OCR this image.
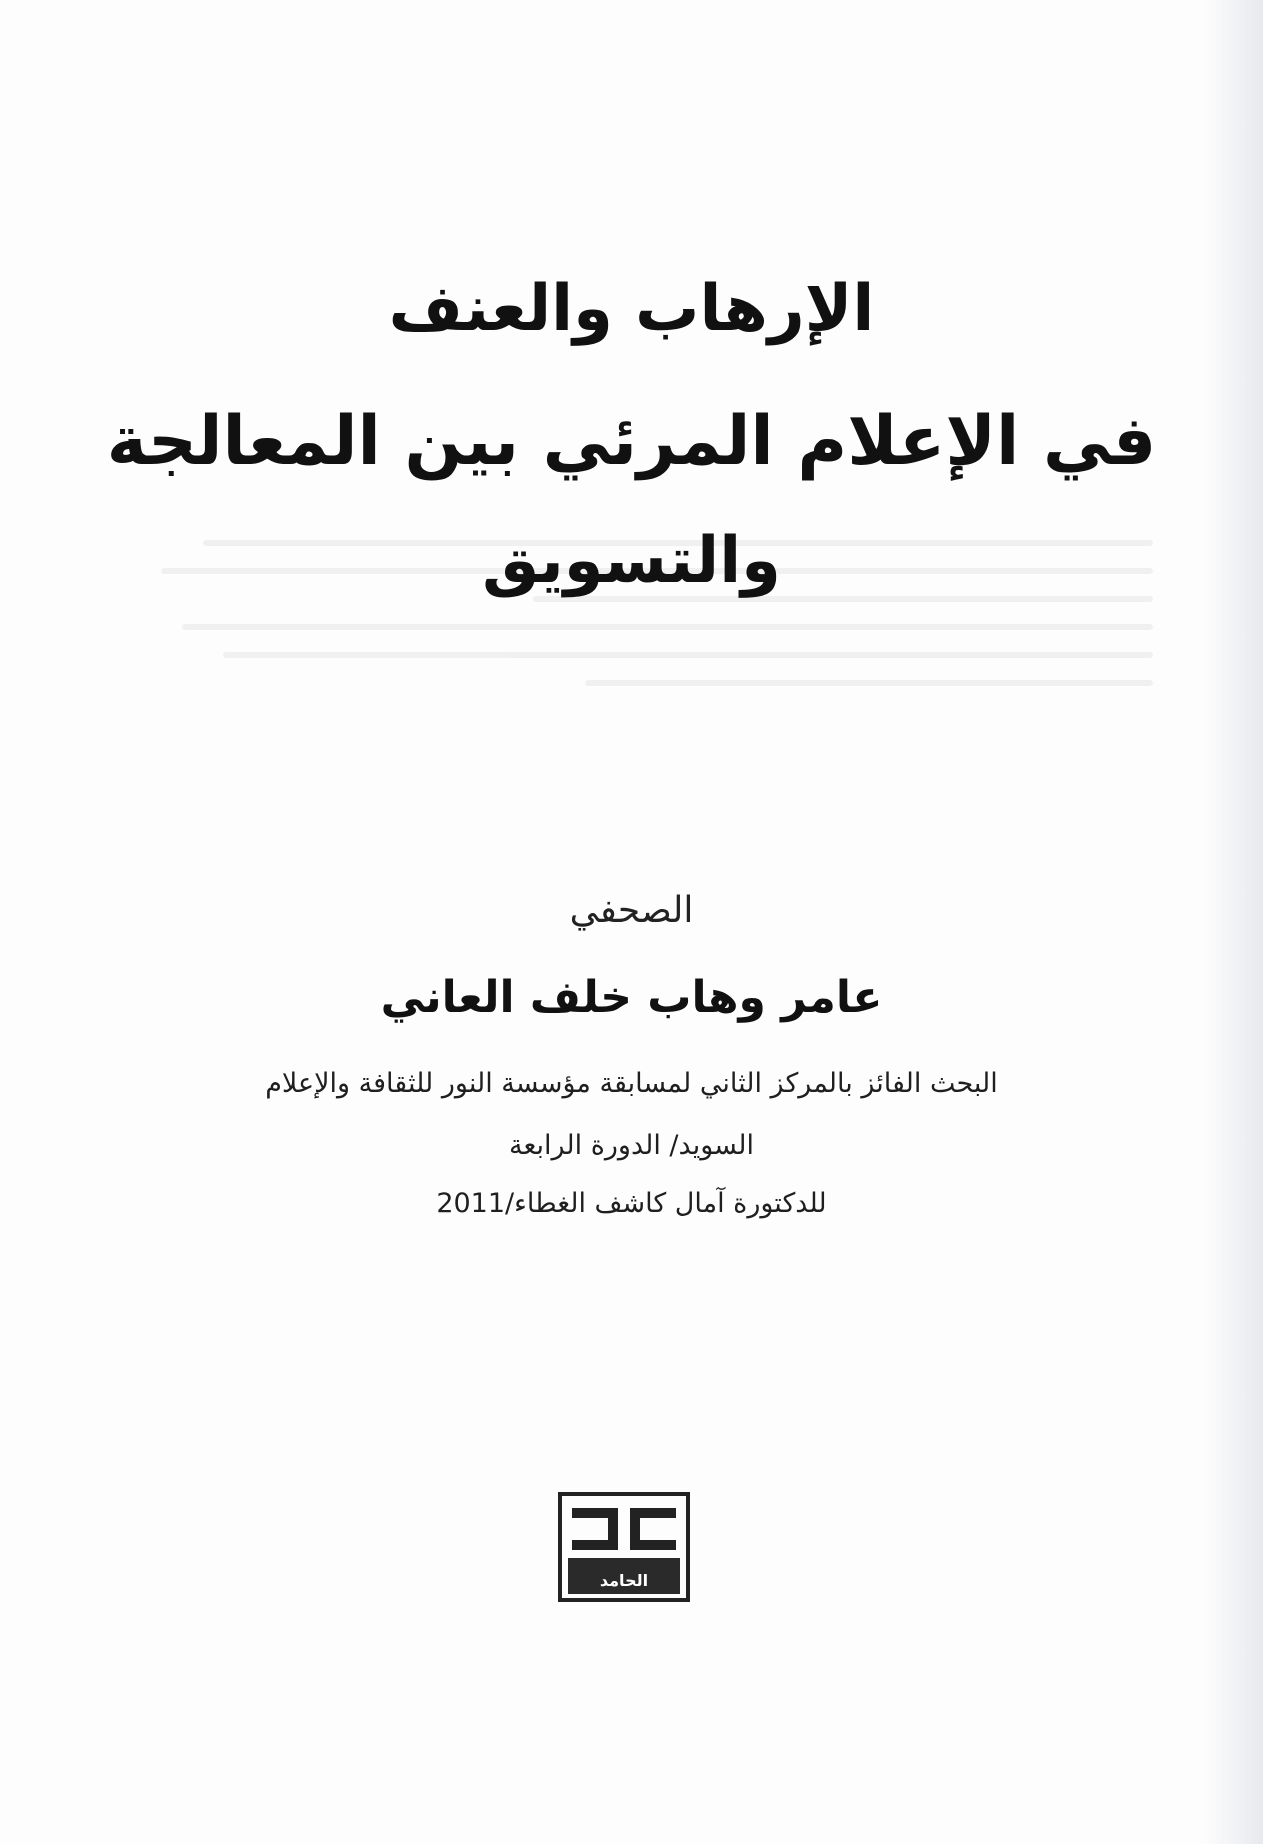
الإرهاب والعنف
في الإعلام المرئي بين المعالجة
والتسويق
الصحفي
عامر وهاب خلف العاني
البحث الفائز بالمركز الثاني لمسابقة مؤسسة النور للثقافة والإعلام
السويد/ الدورة الرابعة
للدكتورة آمال كاشف الغطاء/2011
الحامد
